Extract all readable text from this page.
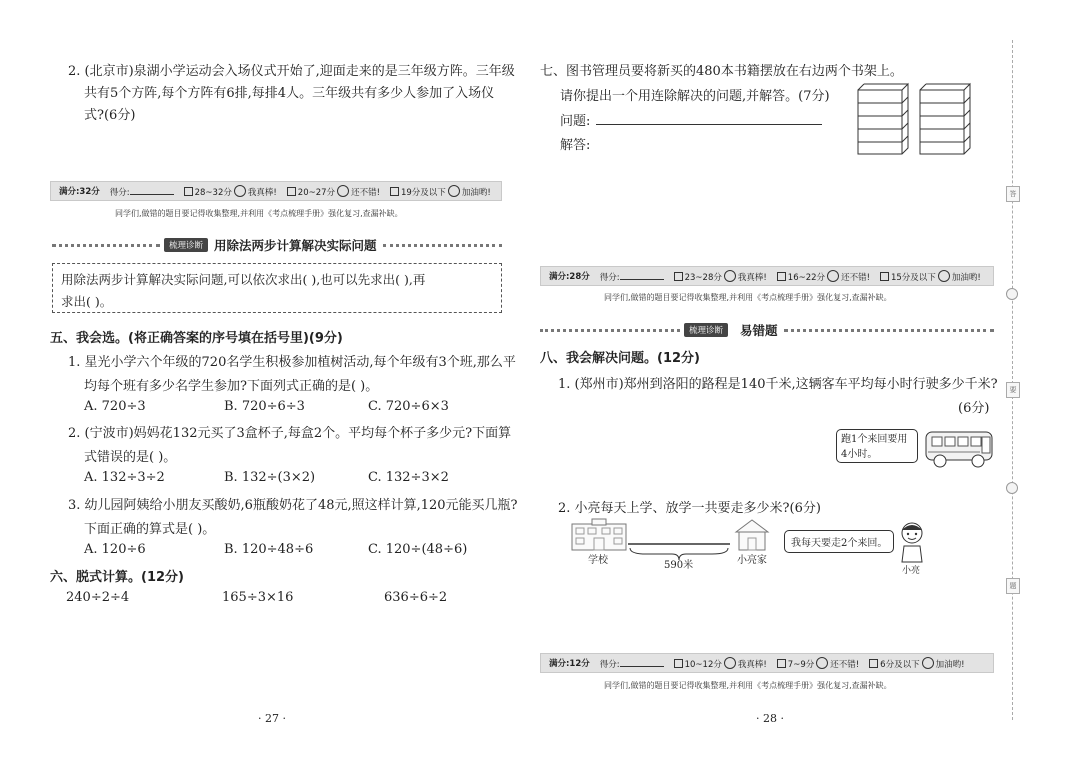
2. (北京市)泉湖小学运动会入场仪式开始了,迎面走来的是三年级方阵。三年级
共有5个方阵,每个方阵有6排,每排4人。三年级共有多少人参加了入场仪
式?(6分)
满分:32分 得分:	28~32分 我真棒!	20~27分 还不错!	19分及以下 加油哟!
同学们,做错的题目要记得收集整理,并利用《考点梳理手册》强化复习,查漏补缺。
梳理诊断 用除法两步计算解决实际问题
用除法两步计算解决实际问题,可以依次求出( ),也可以先求出( ),再
求出( )。
五、我会选。(将正确答案的序号填在括号里)(9分)
1. 星光小学六个年级的720名学生积极参加植树活动,每个年级有3个班,那么平
均每个班有多少名学生参加?下面列式正确的是( )。
A. 720÷3	B. 720÷6÷3	C. 720÷6×3
2. (宁波市)妈妈花132元买了3盒杯子,每盒2个。平均每个杯子多少元?下面算
式错误的是( )。
A. 132÷3÷2	B. 132÷(3×2)	C. 132÷3×2
3. 幼儿园阿姨给小朋友买酸奶,6瓶酸奶花了48元,照这样计算,120元能买几瓶?
下面正确的算式是( )。
A. 120÷6	B. 120÷48÷6	C. 120÷(48÷6)
六、脱式计算。(12分)
240÷2÷4	165÷3×16	636÷6÷2
· 27 ·
七、图书管理员要将新买的480本书籍摆放在右边两个书架上。
请你提出一个用连除解决的问题,并解答。(7分)
问题:
解答:
满分:28分 得分:	23~28分 我真棒!	16~22分 还不错!	15分及以下 加油哟!
同学们,做错的题目要记得收集整理,并利用《考点梳理手册》强化复习,查漏补缺。
梳理诊断	易错题
八、我会解决问题。(12分)
1. (郑州市)郑州到洛阳的路程是140千米,这辆客车平均每小时行驶多少千米?
(6分)
跑1个来回要用
4小时。
2. 小亮每天上学、放学一共要走多少米?(6分)
学校	590米	小亮家
我每天要走2个来回。
小亮
满分:12分 得分:	10~12分 我真棒!	7~9分 还不错!	6分及以下 加油哟!
同学们,做错的题目要记得收集整理,并利用《考点梳理手册》强化复习,查漏补缺。
· 28 ·
答
要
题
